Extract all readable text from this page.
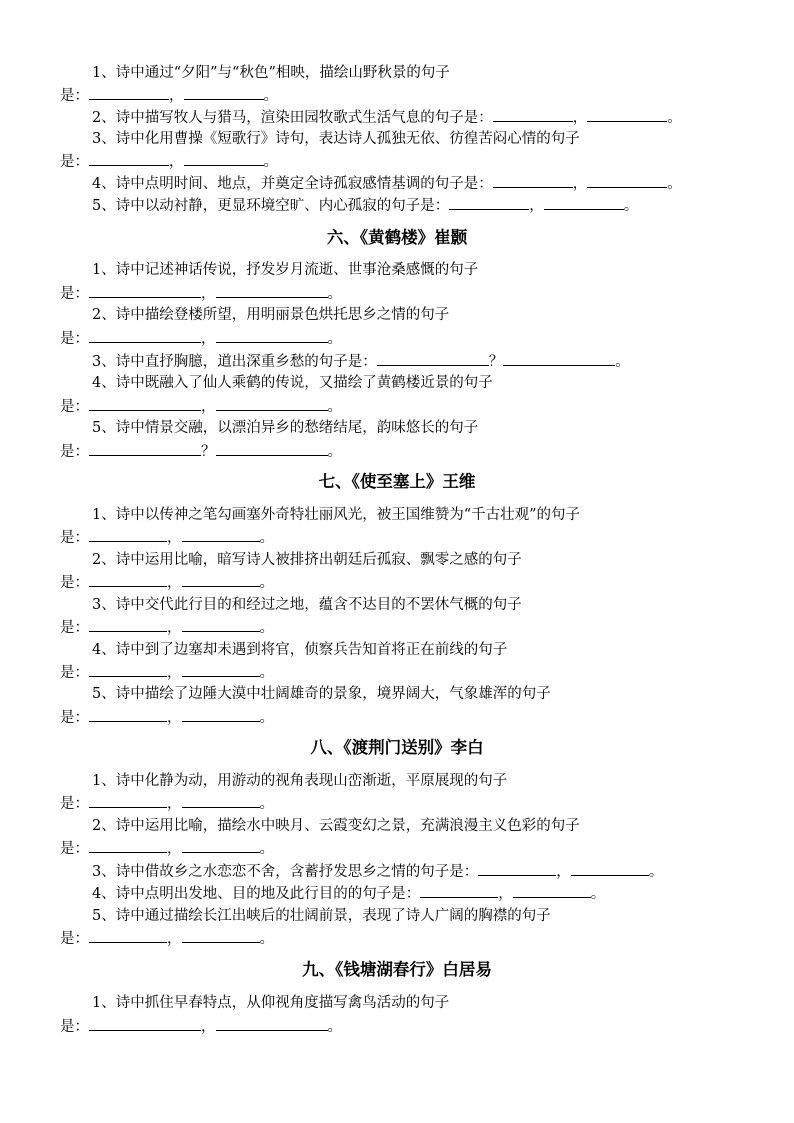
1、诗中通过“夕阳”与“秋色”相映，描绘山野秋景的句子
是：	，	。
2、诗中描写牧人与猎马，渲染田园牧歌式生活气息的句子是：	，	。
3、诗中化用曹操《短歌行》诗句，表达诗人孤独无依、彷徨苦闷心情的句子
是：	，	。
4、诗中点明时间、地点，并奠定全诗孤寂感情基调的句子是：	，	。
5、诗中以动衬静，更显环境空旷、内心孤寂的句子是：	，	。
六、《黄鹤楼》崔颢
1、诗中记述神话传说，抒发岁月流逝、世事沧桑感慨的句子
是：	，	。
2、诗中描绘登楼所望，用明丽景色烘托思乡之情的句子
是：	，	。
3、诗中直抒胸臆，道出深重乡愁的句子是：	？	。
4、诗中既融入了仙人乘鹤的传说，又描绘了黄鹤楼近景的句子
是：	，	。
5、诗中情景交融，以漂泊异乡的愁绪结尾，韵味悠长的句子
是：	？	。
七、《使至塞上》王维
1、诗中以传神之笔勾画塞外奇特壮丽风光，被王国维赞为“千古壮观”的句子
是：	，	。
2、诗中运用比喻，暗写诗人被排挤出朝廷后孤寂、飘零之感的句子
是：	，	。
3、诗中交代此行目的和经过之地，蕴含不达目的不罢休气概的句子
是：	，	。
4、诗中到了边塞却未遇到将官，侦察兵告知首将正在前线的句子
是：	，	。
5、诗中描绘了边陲大漠中壮阔雄奇的景象，境界阔大，气象雄浑的句子
是：	，	。
八、《渡荆门送别》李白
1、诗中化静为动，用游动的视角表现山峦渐逝，平原展现的句子
是：	，	。
2、诗中运用比喻，描绘水中映月、云霞变幻之景，充满浪漫主义色彩的句子
是：	，	。
3、诗中借故乡之水恋恋不舍，含蓄抒发思乡之情的句子是：	，	。
4、诗中点明出发地、目的地及此行目的的句子是：	，	。
5、诗中通过描绘长江出峡后的壮阔前景，表现了诗人广阔的胸襟的句子
是：	，	。
九、《钱塘湖春行》白居易
1、诗中抓住早春特点，从仰视角度描写禽鸟活动的句子
是：	，	。
